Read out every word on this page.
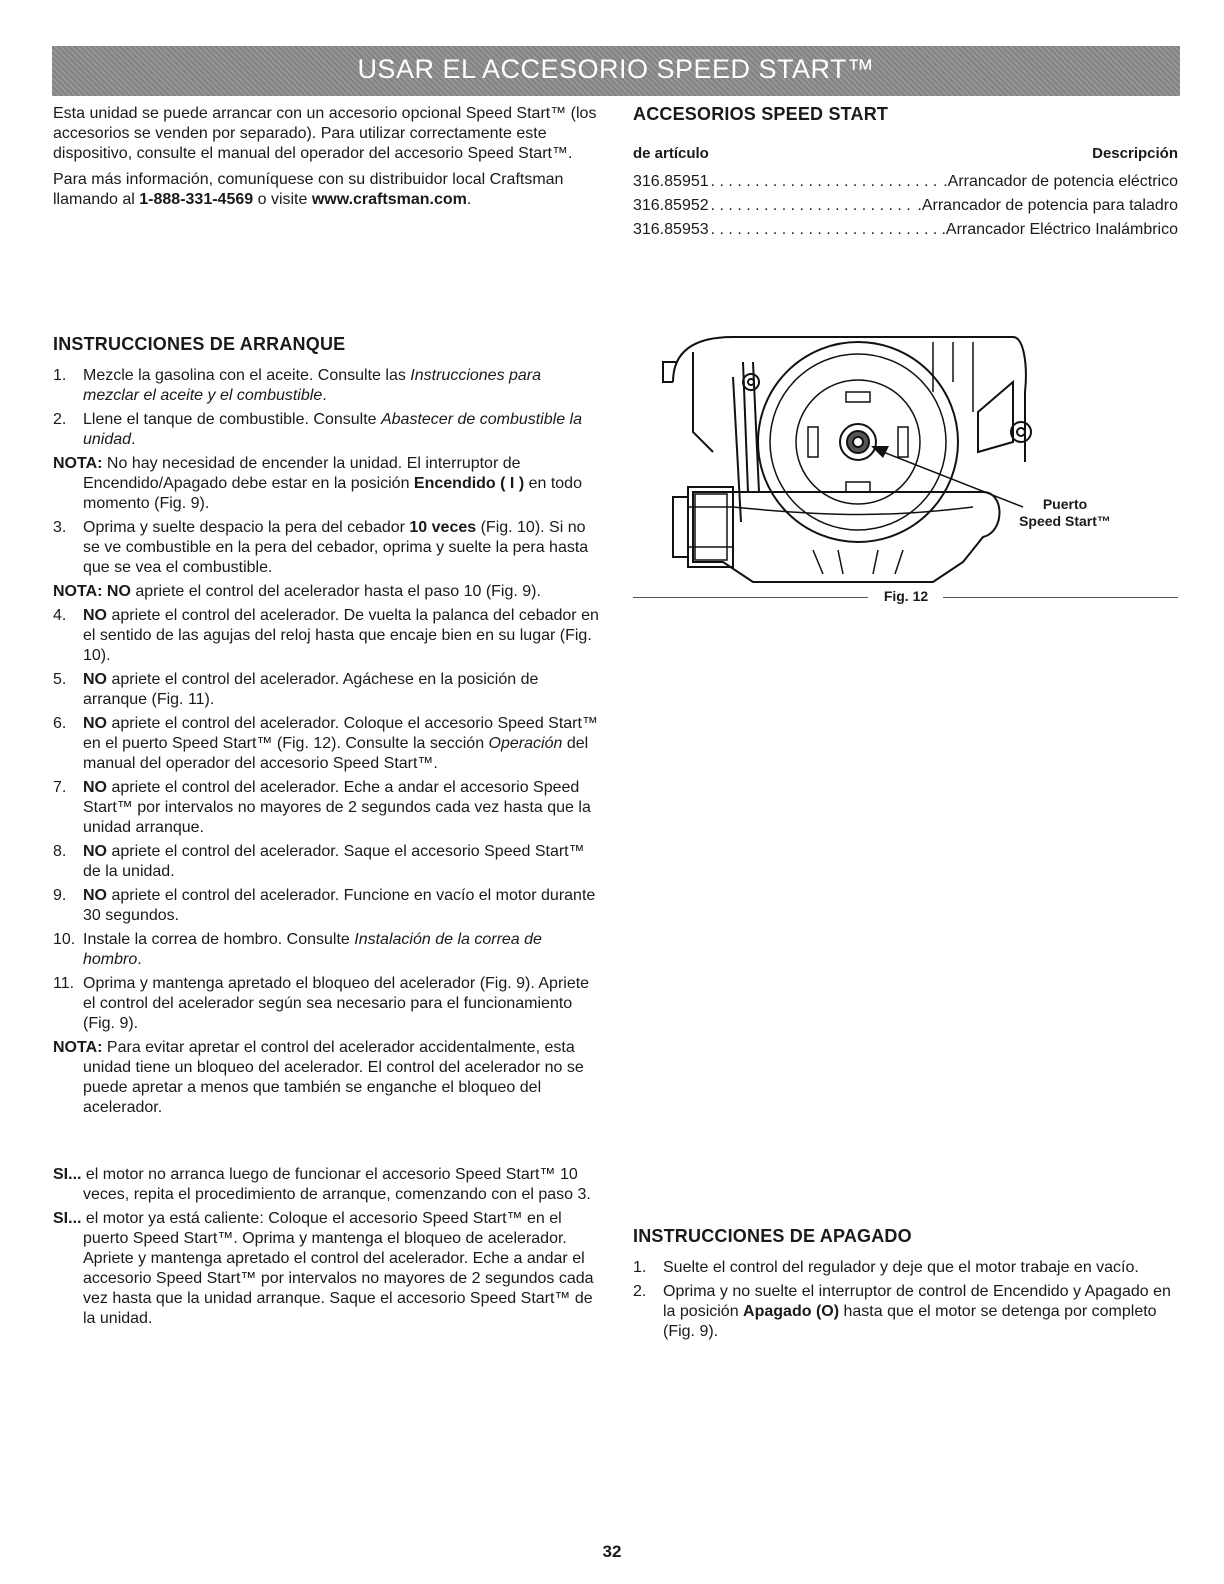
USAR EL ACCESORIO SPEED START™

Esta unidad se puede arrancar con un accesorio opcional Speed Start™ (los accesorios se venden por separado). Para utilizar correctamente este dispositivo, consulte el manual del operador del accesorio Speed Start™.

Para más información, comuníquese con su distribuidor local Craftsman llamando al 1-888-331-4569 o visite www.craftsman.com.

ACCESORIOS SPEED START
de artículo	Descripción
316.85951 . . .	.Arrancador de potencia eléctrico
316.85952 . . .	.Arrancador de potencia para taladro
316.85953 . . .	.Arrancador Eléctrico Inalámbrico
INSTRUCCIONES DE ARRANQUE
1.	Mezcle la gasolina con el aceite. Consulte las Instrucciones para mezclar el aceite y el combustible.
2.	Llene el tanque de combustible. Consulte Abastecer de combustible la unidad.
NOTA: No hay necesidad de encender la unidad. El interruptor de Encendido/Apagado debe estar en la posición Encendido ( I ) en todo momento (Fig. 9).
3.	Oprima y suelte despacio la pera del cebador 10 veces (Fig. 10). Si no se ve combustible en la pera del cebador, oprima y suelte la pera hasta que se vea el combustible.
NOTA: NO apriete el control del acelerador hasta el paso 10 (Fig. 9).
4.	NO apriete el control del acelerador. De vuelta la palanca del cebador en el sentido de las agujas del reloj hasta que encaje bien en su lugar (Fig. 10).
5.	NO apriete el control del acelerador. Agáchese en la posición de arranque (Fig. 11).
6.	NO apriete el control del acelerador. Coloque el accesorio Speed Start™ en el puerto Speed Start™ (Fig. 12). Consulte la sección Operación del manual del operador del accesorio Speed Start™.
7.	NO apriete el control del acelerador. Eche a andar el accesorio Speed Start™ por intervalos no mayores de 2 segundos cada vez hasta que la unidad arranque.
8.	NO apriete el control del acelerador. Saque el accesorio Speed Start™ de la unidad.
9.	NO apriete el control del acelerador. Funcione en vacío el motor durante 30 segundos.
10. Instale la correa de hombro. Consulte Instalación de la correa de hombro.
11. Oprima y mantenga apretado el bloqueo del acelerador (Fig. 9). Apriete el control del acelerador según sea necesario para el funcionamiento (Fig. 9).
NOTA: Para evitar apretar el control del acelerador accidentalmente, esta unidad tiene un bloqueo del acelerador. El control del acelerador no se puede apretar a menos que también se enganche el bloqueo del acelerador.
SI... el motor no arranca luego de funcionar el accesorio Speed Start™ 10 veces, repita el procedimiento de arranque, comenzando con el paso 3.
SI... el motor ya está caliente: Coloque el accesorio Speed Start™ en el puerto Speed Start™. Oprima y mantenga el bloqueo de acelerador. Apriete y mantenga apretado el control del acelerador. Eche a andar el accesorio Speed Start™ por intervalos no mayores de 2 segundos cada vez hasta que la unidad arranque. Saque el accesorio Speed Start™ de la unidad.
Fig. 12
Puerto
Speed Start™
INSTRUCCIONES DE APAGADO
1.	Suelte el control del regulador y deje que el motor trabaje en vacío.
2.	Oprima y no suelte el interruptor de control de Encendido y Apagado en la posición Apagado (O) hasta que el motor se detenga por completo (Fig. 9).
32
